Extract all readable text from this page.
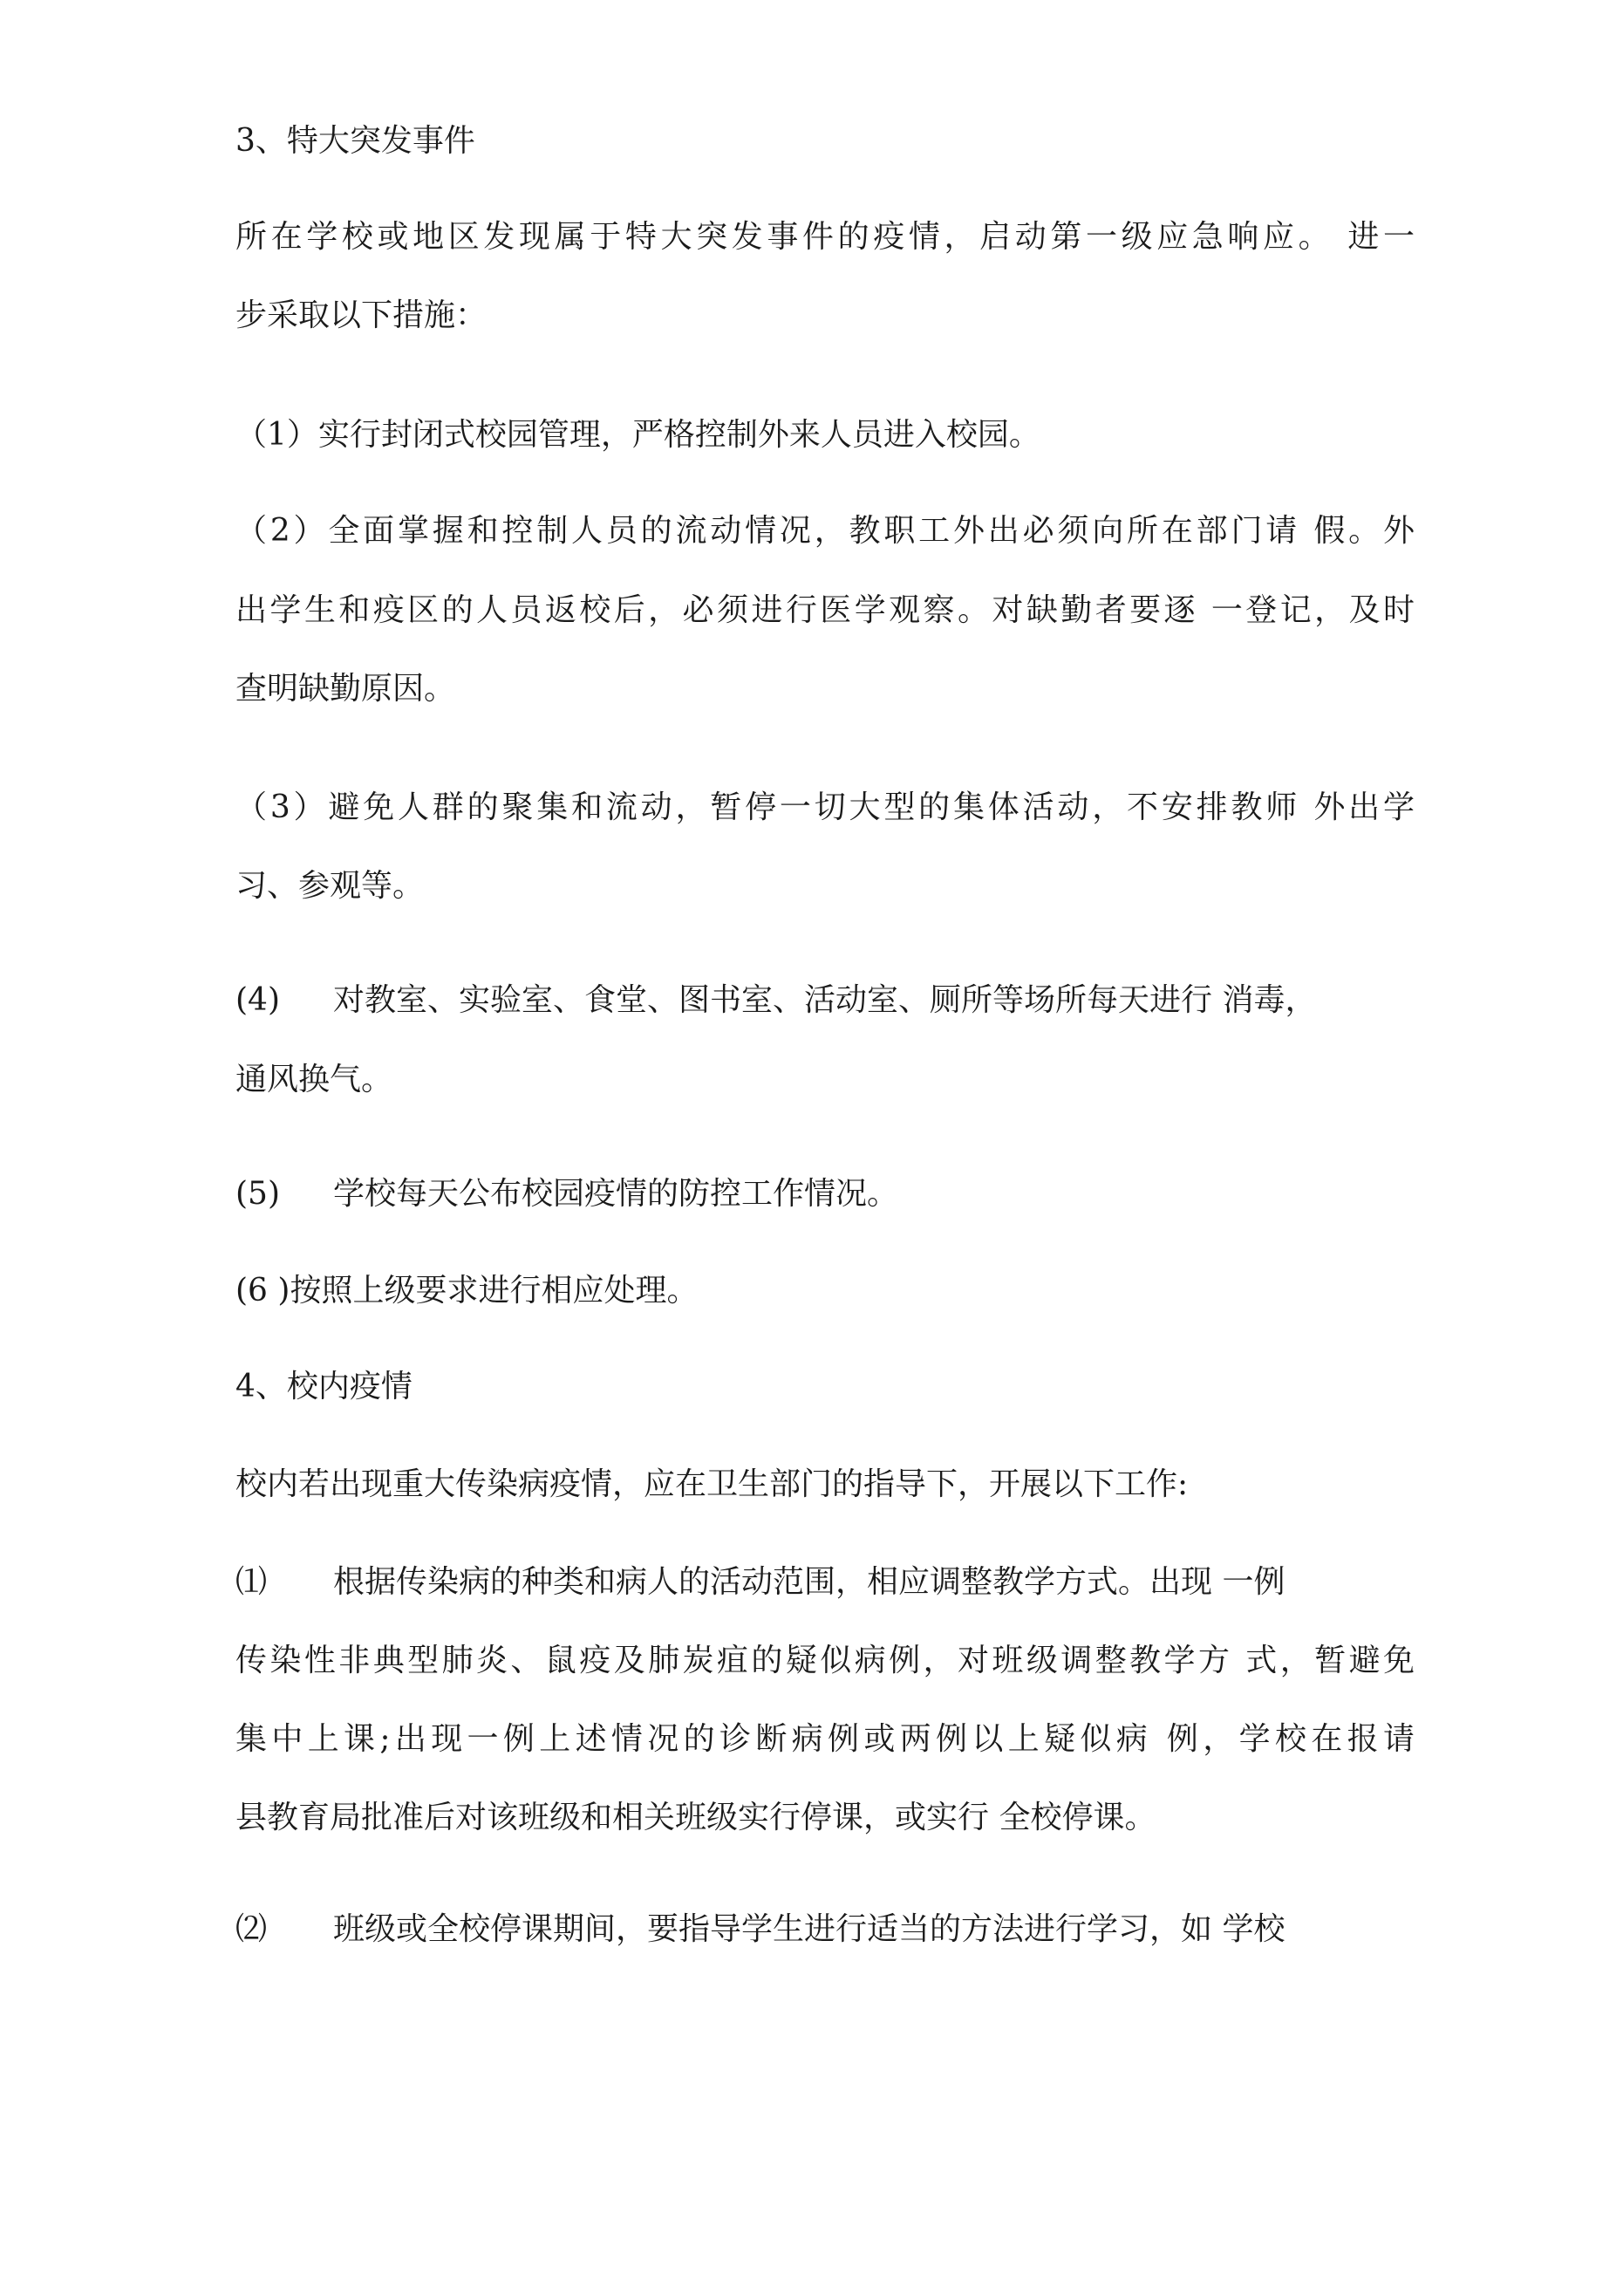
3、特大突发事件
所在学校或地区发现属于特大突发事件的疫情，启动第一级应急响应。 进一
步采取以下措施：
（1）实行封闭式校园管理，严格控制外来人员进入校园。
（2）全面掌握和控制人员的流动情况，教职工外出必须向所在部门请 假。外
出学生和疫区的人员返校后，必须进行医学观察。对缺勤者要逐 一登记，及时
查明缺勤原因。
（3）避免人群的聚集和流动，暂停一切大型的集体活动，不安排教师 外出学
习、参观等。
(4) 对教室、实验室、食堂、图书室、活动室、厕所等场所每天进行 消毒，
通风换气。
(5) 学校每天公布校园疫情的防控工作情况。
(6 )按照上级要求进行相应处理。
4、校内疫情
校内若出现重大传染病疫情，应在卫生部门的指导下，开展以下工作:
⑴ 根据传染病的种类和病人的活动范围，相应调整教学方式。出现 一例
传染性非典型肺炎、鼠疫及肺炭疽的疑似病例，对班级调整教学方 式，暂避免
集中上课;出现一例上述情况的诊断病例或两例以上疑似病 例，学校在报请
县教育局批准后对该班级和相关班级实行停课，或实行 全校停课。
⑵ 班级或全校停课期间，要指导学生进行适当的方法进行学习，如 学校
